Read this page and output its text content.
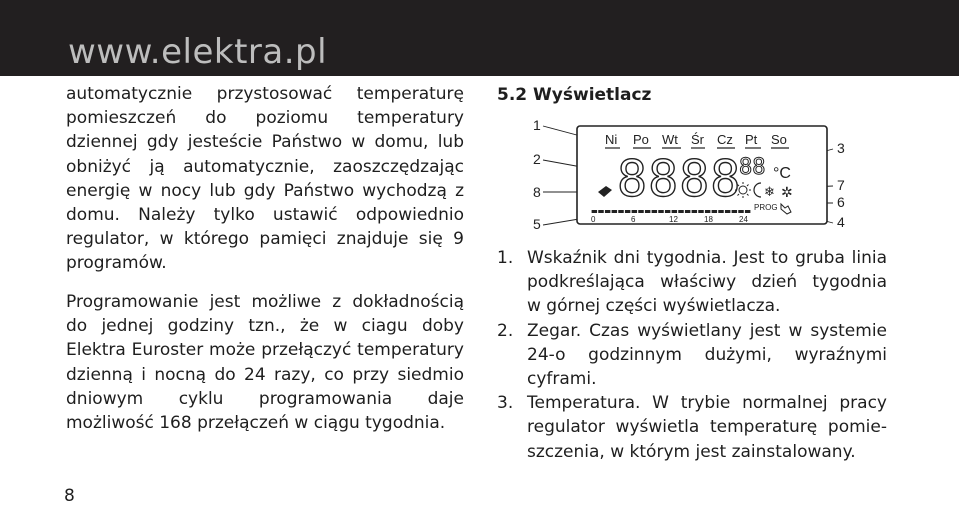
www.elektra.pl
automatycznie przystosować temperaturę
pomieszczeń do poziomu temperatury
dziennej gdy jesteście Państwo w domu, lub
obniżyć ją automatycznie, zaoszczędzając
energię w nocy lub gdy Państwo wychodzą z
domu. Należy tylko ustawić odpowiednio
regulator, w którego pamięci znajduje się 9
programów.
Programowanie jest możliwe z dokładnością
do jednej godziny tzn., że w ciagu doby
Elektra Euroster może przełączyć temperatury
dzienną i nocną do 24 razy, co przy siedmio
dniowym cyklu programowania daje
możliwość 168 przełączeń w ciągu tygodnia.
8
5.2 Wyświetlacz
1
2
8
5
3
7
6
4
Ni Po Wt Śr Cz Pt So
8888
88 °C
❄ ✲
PROG
0	6	12	18	24
1. Wskaźnik dni tygodnia. Jest to gruba linia
podkreślająca właściwy dzień tygodnia
w górnej części wyświetlacza.
2. Zegar. Czas wyświetlany jest w systemie
24-o godzinnym dużymi, wyraźnymi
cyframi.
3. Temperatura. W trybie normalnej pracy
regulator wyświetla temperaturę pomie-
szczenia, w którym jest zainstalowany.
